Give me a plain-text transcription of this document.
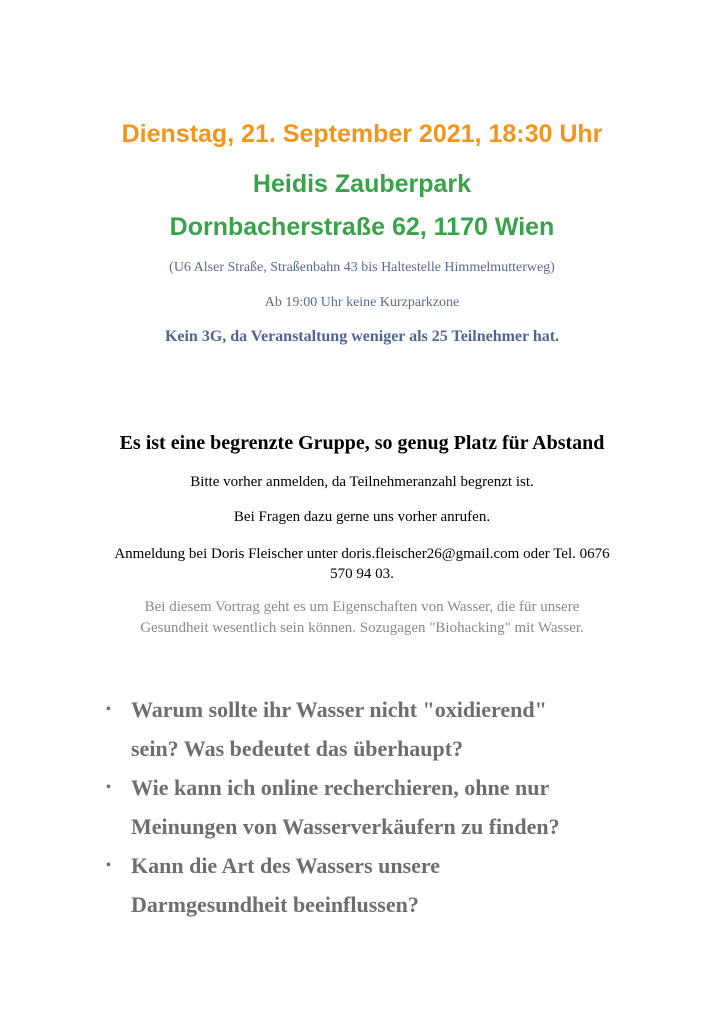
Dienstag, 21. September 2021, 18:30 Uhr
Heidis Zauberpark
Dornbacherstraße 62, 1170 Wien
(U6 Alser Straße, Straßenbahn 43 bis Haltestelle Himmelmutterweg)
Ab 19:00 Uhr keine Kurzparkzone
Kein 3G, da Veranstaltung weniger als 25 Teilnehmer hat.
Es ist eine begrenzte Gruppe, so genug Platz für Abstand
Bitte vorher anmelden, da Teilnehmeranzahl begrenzt ist.
Bei Fragen dazu gerne uns vorher anrufen.
Anmeldung bei Doris Fleischer unter doris.fleischer26@gmail.com oder Tel. 0676
570 94 03.
Bei diesem Vortrag geht es um Eigenschaften von Wasser, die für unsere
Gesundheit wesentlich sein können. Sozugagen "Biohacking" mit Wasser.
• Warum sollte ihr Wasser nicht "oxidierend"
sein? Was bedeutet das überhaupt?
• Wie kann ich online recherchieren, ohne nur
Meinungen von Wasserverkäufern zu finden?
• Kann die Art des Wassers unsere
Darmgesundheit beeinflussen?
